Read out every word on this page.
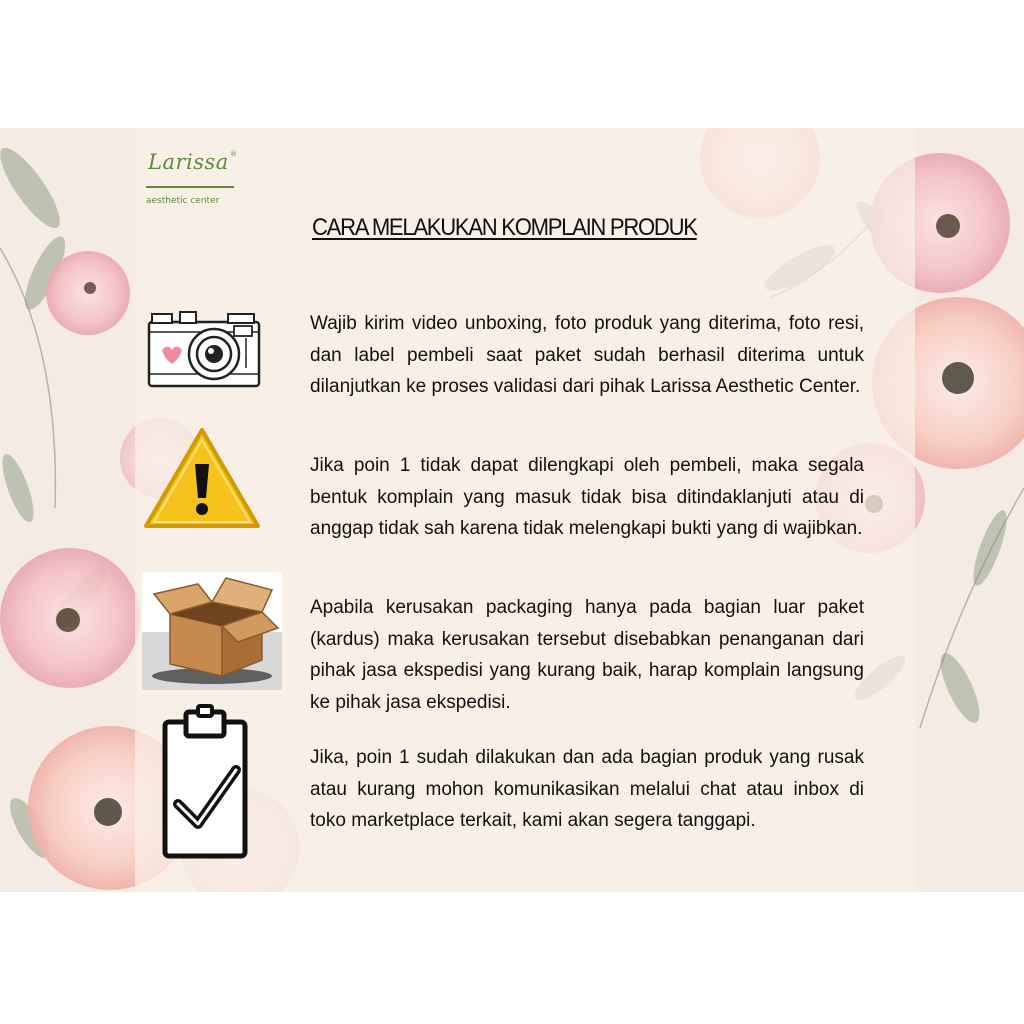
Larissa ®
aesthetic center
CARA MELAKUKAN KOMPLAIN PRODUK
Wajib kirim video unboxing, foto produk yang diterima, foto resi, dan label pembeli saat paket sudah berhasil diterima untuk dilanjutkan ke proses validasi dari pihak Larissa Aesthetic Center.
Jika poin 1 tidak dapat dilengkapi oleh pembeli, maka segala bentuk komplain yang masuk tidak bisa ditindaklanjuti atau di anggap tidak sah karena tidak melengkapi bukti yang di wajibkan.
Apabila kerusakan packaging hanya pada bagian luar paket (kardus) maka kerusakan tersebut disebabkan penanganan dari pihak jasa ekspedisi yang kurang baik, harap komplain langsung ke pihak jasa ekspedisi.
Jika, poin 1 sudah dilakukan dan ada bagian produk yang rusak atau kurang mohon komunikasikan melalui chat atau inbox di toko marketplace terkait, kami akan segera tanggapi.
